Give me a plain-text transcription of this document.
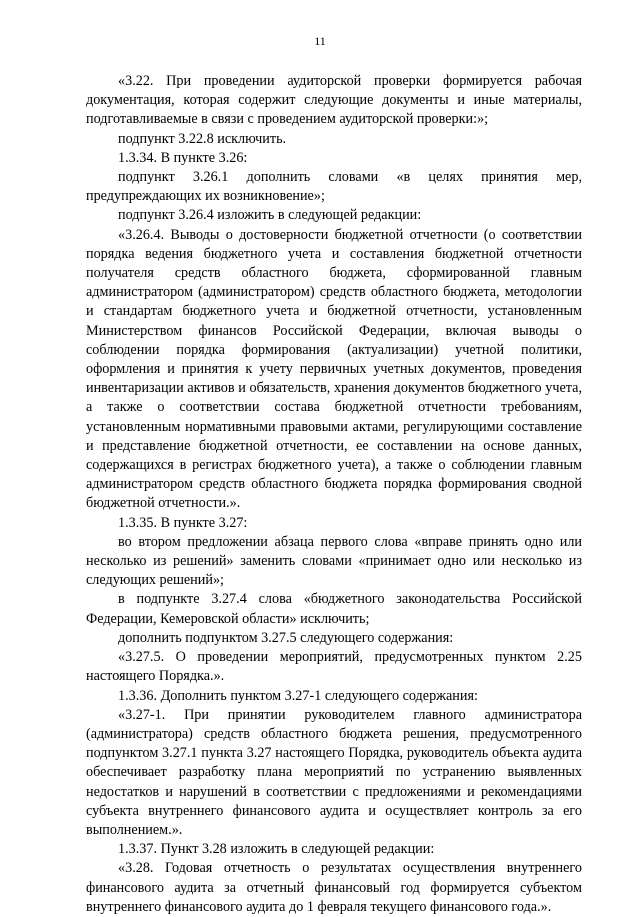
11

«3.22. При проведении аудиторской проверки формируется рабочая документация, которая содержит следующие документы и иные материалы, подготавливаемые в связи с проведением аудиторской проверки:»;

подпункт 3.22.8 исключить.

1.3.34. В пункте 3.26:

подпункт 3.26.1 дополнить словами «в целях принятия мер, предупреждающих их возникновение»;

подпункт 3.26.4 изложить в следующей редакции:

«3.26.4. Выводы о достоверности бюджетной отчетности (о соответствии порядка ведения бюджетного учета и составления бюджетной отчетности получателя средств областного бюджета, сформированной главным администратором (администратором) средств областного бюджета, методологии и стандартам бюджетного учета и бюджетной отчетности, установленным Министерством финансов Российской Федерации, включая выводы о соблюдении порядка формирования (актуализации) учетной политики, оформления и принятия к учету первичных учетных документов, проведения инвентаризации активов и обязательств, хранения документов бюджетного учета, а также о соответствии состава бюджетной отчетности требованиям, установленным нормативными правовыми актами, регулирующими составление и представление бюджетной отчетности, ее составлении на основе данных, содержащихся в регистрах бюджетного учета), а также о соблюдении главным администратором средств областного бюджета порядка формирования сводной бюджетной отчетности.».

1.3.35. В пункте 3.27:

во втором предложении абзаца первого слова «вправе принять одно или несколько из решений» заменить словами «принимает одно или несколько из следующих решений»;

в подпункте 3.27.4 слова «бюджетного законодательства Российской Федерации, Кемеровской области» исключить;

дополнить подпунктом 3.27.5 следующего содержания:

«3.27.5. О проведении мероприятий, предусмотренных пунктом 2.25 настоящего Порядка.».

1.3.36. Дополнить пунктом 3.27-1 следующего содержания:

«3.27-1. При принятии руководителем главного администратора (администратора) средств областного бюджета решения, предусмотренного подпунктом 3.27.1 пункта 3.27 настоящего Порядка, руководитель объекта аудита обеспечивает разработку плана мероприятий по устранению выявленных недостатков и нарушений в соответствии с предложениями и рекомендациями субъекта внутреннего финансового аудита и осуществляет контроль за его выполнением.».

1.3.37. Пункт 3.28 изложить в следующей редакции:

«3.28. Годовая отчетность о результатах осуществления внутреннего финансового аудита за отчетный финансовый год формируется субъектом внутреннего финансового аудита до 1 февраля текущего финансового года.».
